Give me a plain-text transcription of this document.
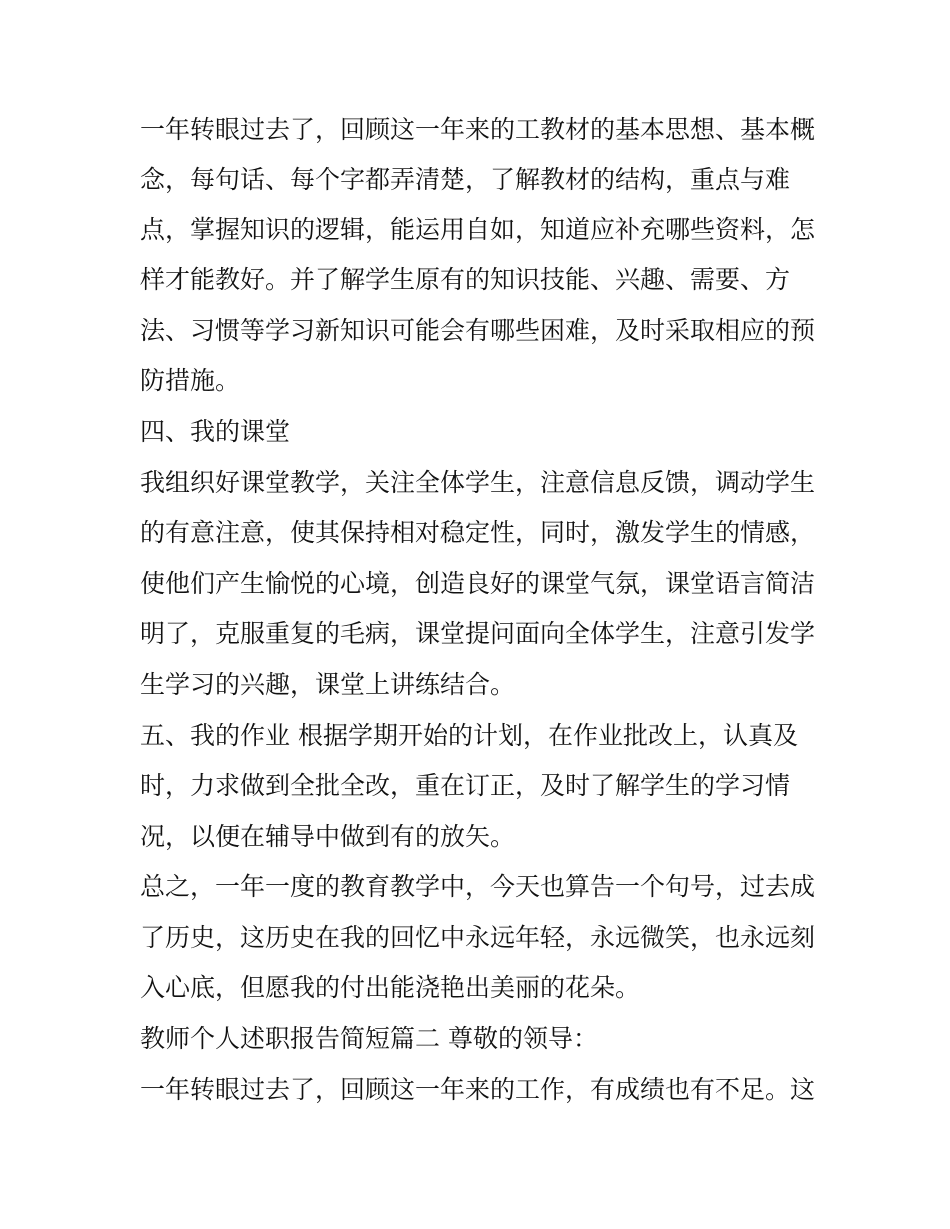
一年转眼过去了，回顾这一年来的工教材的基本思想、基本概
念，每句话、每个字都弄清楚，了解教材的结构，重点与难
点，掌握知识的逻辑，能运用自如，知道应补充哪些资料，怎
样才能教好。并了解学生原有的知识技能、兴趣、需要、方
法、习惯等学习新知识可能会有哪些困难，及时采取相应的预
防措施。
四、我的课堂
我组织好课堂教学，关注全体学生，注意信息反馈，调动学生
的有意注意，使其保持相对稳定性，同时，激发学生的情感，
使他们产生愉悦的心境，创造良好的课堂气氛，课堂语言简洁
明了，克服重复的毛病，课堂提问面向全体学生，注意引发学
生学习的兴趣，课堂上讲练结合。
五、我的作业 根据学期开始的计划，在作业批改上，认真及
时，力求做到全批全改，重在订正，及时了解学生的学习情
况，以便在辅导中做到有的放矢。
总之，一年一度的教育教学中，今天也算告一个句号，过去成
了历史，这历史在我的回忆中永远年轻，永远微笑，也永远刻
入心底，但愿我的付出能浇艳出美丽的花朵。
教师个人述职报告简短篇二 尊敬的领导：
一年转眼过去了，回顾这一年来的工作，有成绩也有不足。这
